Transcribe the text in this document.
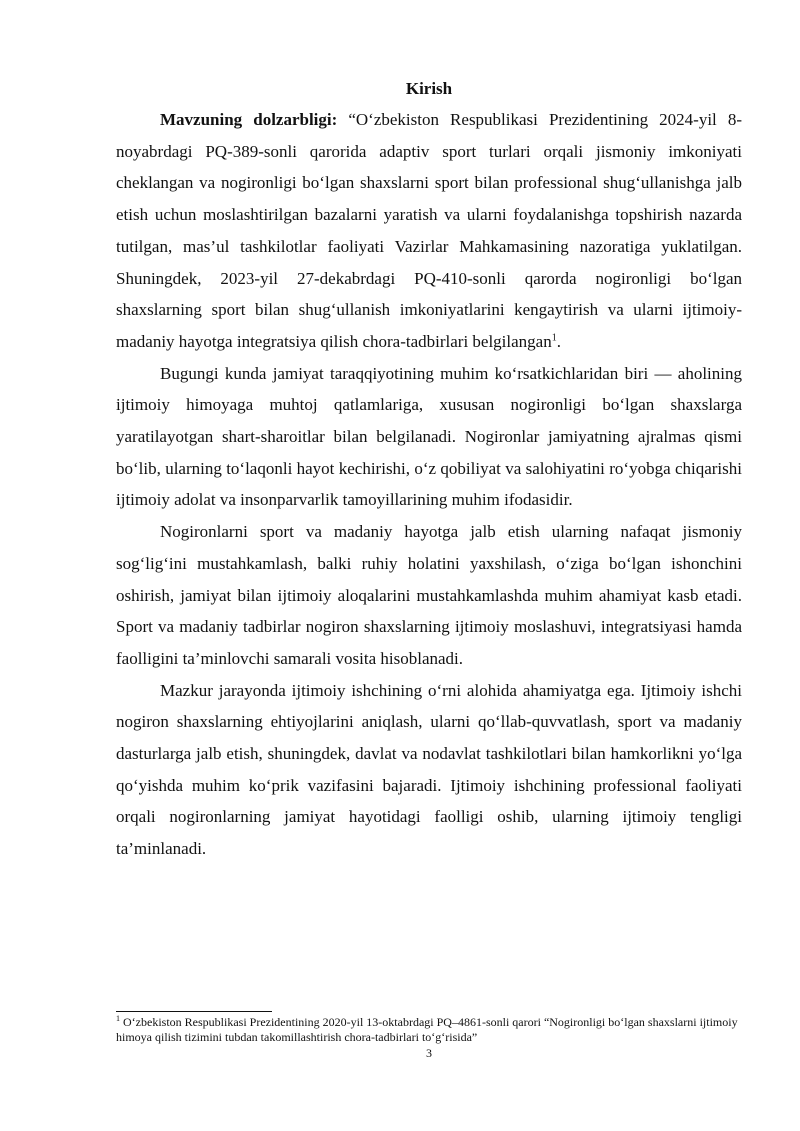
Kirish

Mavzuning dolzarbligi: “Oʻzbekiston Respublikasi Prezidentining 2024-yil 8-noyabrdagi PQ-389-sonli qarorida adaptiv sport turlari orqali jismoniy imkoniyati cheklangan va nogironligi boʻlgan shaxslarni sport bilan professional shugʻullanishga jalb etish uchun moslashtirilgan bazalarni yaratish va ularni foydalanishga topshirish nazarda tutilgan, mas’ul tashkilotlar faoliyati Vazirlar Mahkamasining nazoratiga yuklatilgan. Shuningdek, 2023-yil 27-dekabrdagi PQ-410-sonli qarorda nogironligi boʻlgan shaxslarning sport bilan shugʻullanish imkoniyatlarini kengaytirish va ularni ijtimoiy-madaniy hayotga integratsiya qilish chora-tadbirlari belgilangan$^1$.

Bugungi kunda jamiyat taraqqiyotining muhim koʻrsatkichlaridan biri — aholining ijtimoiy himoyaga muhtoj qatlamlariga, xususan nogironligi boʻlgan shaxslarga yaratilayotgan shart-sharoitlar bilan belgilanadi. Nogironlar jamiyatning ajralmas qismi boʻlib, ularning toʻlaqonli hayot kechirishi, oʻz qobiliyat va salohiyatini roʻyobga chiqarishi ijtimoiy adolat va insonparvarlik tamoyillarining muhim ifodasidir.

Nogironlarni sport va madaniy hayotga jalb etish ularning nafaqat jismoniy sogʻligʻini mustahkamlash, balki ruhiy holatini yaxshilash, oʻziga boʻlgan ishonchini oshirish, jamiyat bilan ijtimoiy aloqalarini mustahkamlashda muhim ahamiyat kasb etadi. Sport va madaniy tadbirlar nogiron shaxslarning ijtimoiy moslashuvi, integratsiyasi hamda faolligini ta’minlovchi samarali vosita hisoblanadi.

Mazkur jarayonda ijtimoiy ishchining oʻrni alohida ahamiyatga ega. Ijtimoiy ishchi nogiron shaxslarning ehtiyojlarini aniqlash, ularni qoʻllab-quvvatlash, sport va madaniy dasturlarga jalb etish, shuningdek, davlat va nodavlat tashkilotlari bilan hamkorlikni yoʻlga qoʻyishda muhim koʻprik vazifasini bajaradi. Ijtimoiy ishchining professional faoliyati orqali nogironlarning jamiyat hayotidagi faolligi oshib, ularning ijtimoiy tengligi ta’minlanadi.

$^1$ Oʻzbekiston Respublikasi Prezidentining 2020-yil 13-oktabrdagi PQ–4861-sonli qarori “Nogironligi boʻlgan shaxslarni ijtimoiy himoya qilish tizimini tubdan takomillashtirish chora-tadbirlari toʻgʻrisida”
3
